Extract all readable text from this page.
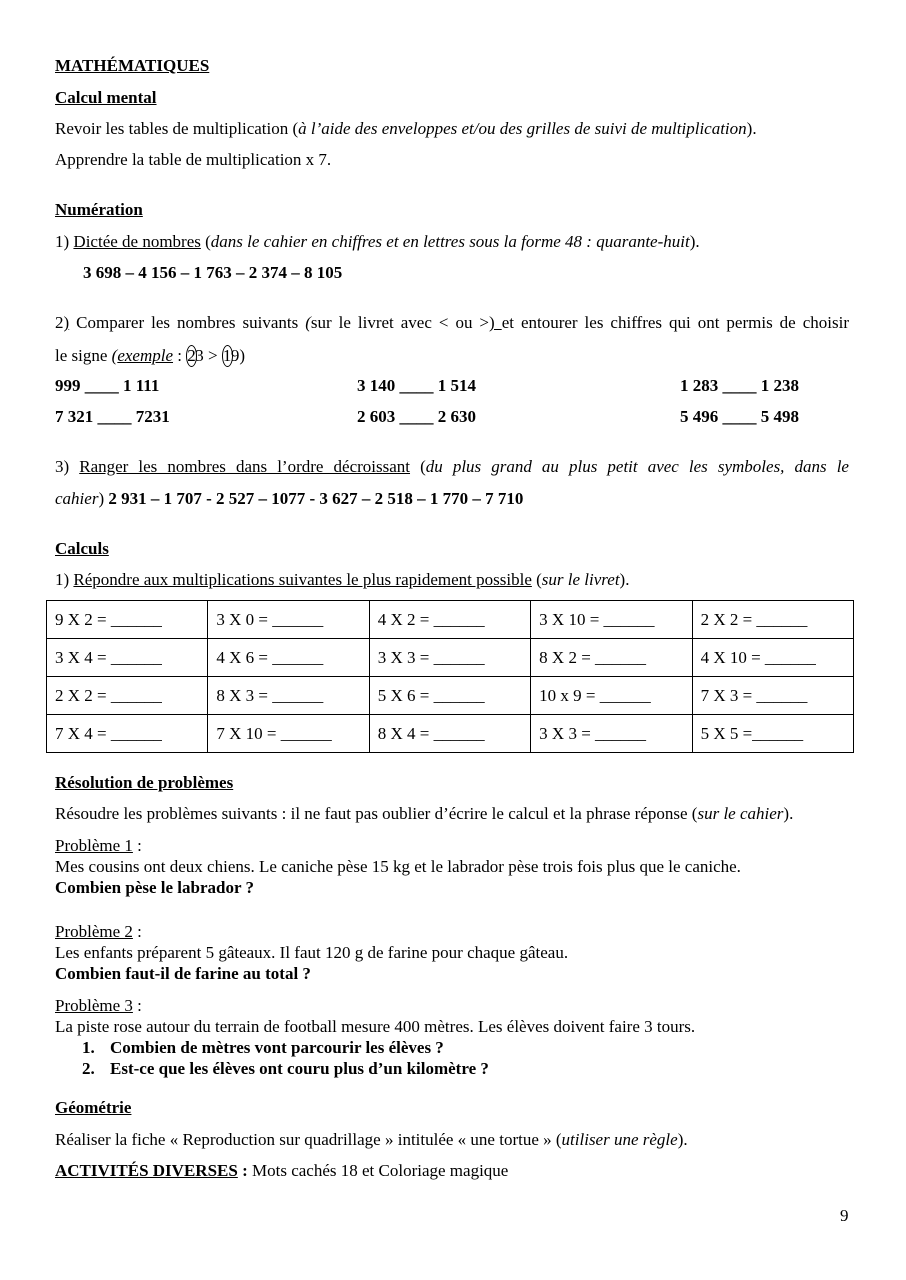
MATHÉMATIQUES
Calcul mental
Revoir les tables de multiplication (à l’aide des enveloppes et/ou des grilles de suivi de multiplication).
Apprendre la table de multiplication x 7.
Numération
1) Dictée de nombres (dans le cahier en chiffres et en lettres sous la forme 48 : quarante-huit).
3 698 – 4 156 – 1 763 – 2 374 – 8 105
2) Comparer les nombres suivants (sur le livret avec < ou >) et entourer les chiffres qui ont permis de choisir
le signe (exemple : 23 > 19)
999 ____ 1 111	3 140 ____ 1 514	1 283 ____ 1 238
7 321 ____ 7231	2 603 ____ 2 630	5 496 ____ 5 498
3) Ranger les nombres dans l’ordre décroissant (du plus grand au plus petit avec les symboles, dans le
cahier) 2 931 – 1 707 - 2 527 – 1077 - 3 627 – 2 518 – 1 770 – 7 710
Calculs
1) Répondre aux multiplications suivantes le plus rapidement possible (sur le livret).
Résolution de problèmes
Résoudre les problèmes suivants : il ne faut pas oublier d’écrire le calcul et la phrase réponse (sur le cahier).
Problème 1 :
Mes cousins ont deux chiens. Le caniche pèse 15 kg et le labrador pèse trois fois plus que le caniche.
Combien pèse le labrador ?
Problème 2 :
Les enfants préparent 5 gâteaux. Il faut 120 g de farine pour chaque gâteau.
Combien faut-il de farine au total ?
Problème 3 :
La piste rose autour du terrain de football mesure 400 mètres. Les élèves doivent faire 3 tours.
1. Combien de mètres vont parcourir les élèves ?
2. Est-ce que les élèves ont couru plus d’un kilomètre ?
Géométrie
Réaliser la fiche « Reproduction sur quadrillage » intitulée « une tortue » (utiliser une règle).
ACTIVITÉS DIVERSES : Mots cachés 18 et Coloriage magique
9 X 2 = ______	3 X 0 = ______	4 X 2 = ______	3 X 10 = ______	2 X 2 = ______
3 X 4 = ______	4 X 6 = ______	3 X 3 = ______	8 X 2 = ______	4 X 10 = ______
2 X 2 = ______	8 X 3 = ______	5 X 6 = ______	10 x 9 = ______	7 X 3 = ______
7 X 4 = ______	7 X 10 = ______	8 X 4 = ______	3 X 3 = ______	5 X 5 =______
9
